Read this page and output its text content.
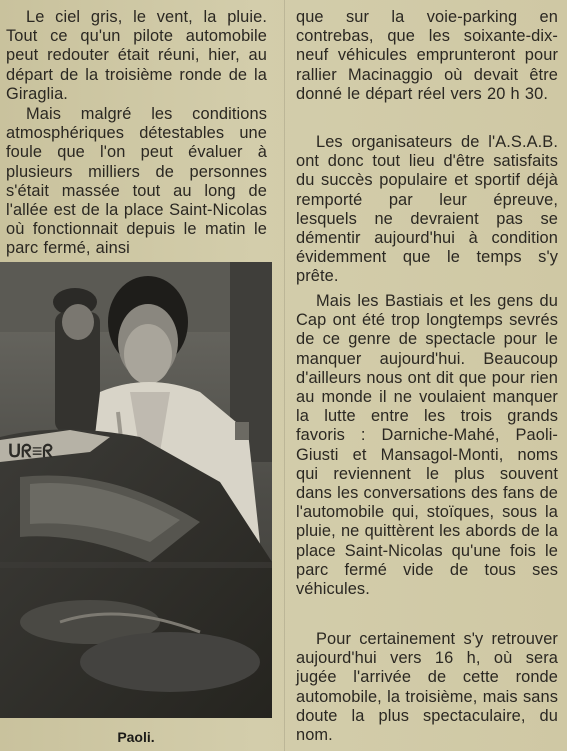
Le ciel gris, le vent, la pluie. Tout ce qu'un pilote automobile peut redouter était réuni, hier, au départ de la troisième ronde de la Giraglia.

Mais malgré les conditions atmosphériques détestables une foule que l'on peut évaluer à plusieurs milliers de personnes s'était massée tout au long de l'allée est de la place Saint-Nicolas où fonctionnait depuis le matin le parc fermé, ainsi

ᑌᖇ≡ᖇ
Paoli.

que sur la voie-parking en contrebas, que les soixante-dix-neuf véhicules emprunteront pour rallier Macinaggio où devait être donné le départ réel vers 20 h 30.

Les organisateurs de l'A.S.A.B. ont donc tout lieu d'être satisfaits du succès populaire et sportif déjà remporté par leur épreuve, lesquels ne devraient pas se démentir aujourd'hui à condition évidemment que le temps s'y prête.

Mais les Bastiais et les gens du Cap ont été trop longtemps sevrés de ce genre de spectacle pour le manquer aujourd'hui. Beaucoup d'ailleurs nous ont dit que pour rien au monde il ne voulaient manquer la lutte entre les trois grands favoris : Darniche-Mahé, Paoli-Giusti et Mansagol-Monti, noms qui reviennent le plus souvent dans les conversations des fans de l'automobile qui, stoïques, sous la pluie, ne quittèrent les abords de la place Saint-Nicolas qu'une fois le parc fermé vide de tous ses véhicules.

Pour certainement s'y retrouver aujourd'hui vers 16 h, où sera jugée l'arrivée de cette ronde automobile, la troisième, mais sans doute la plus spectaculaire, du nom.
